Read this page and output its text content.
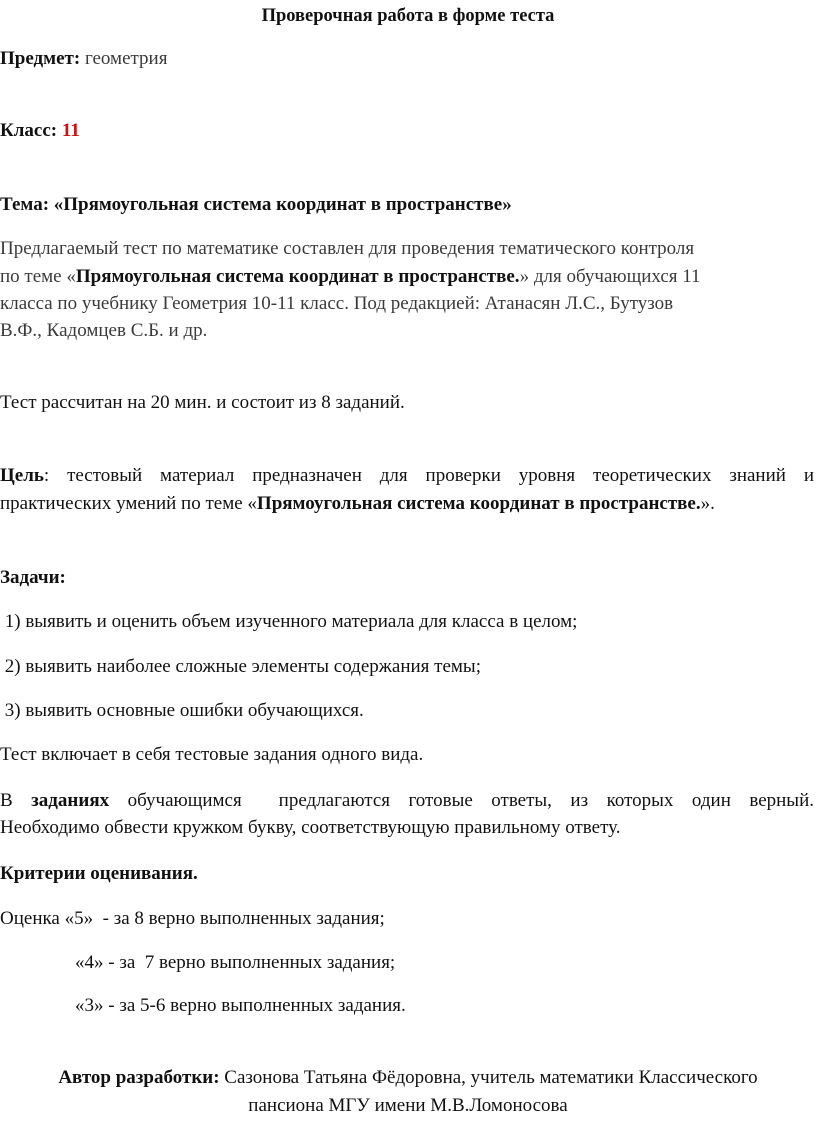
Проверочная работа в форме теста
Предмет: геометрия
Класс: 11
Тема: «Прямоугольная система координат в пространстве»
Предлагаемый тест по математике составлен для проведения тематического контроля
по теме «Прямоугольная система координат в пространстве.» для обучающихся 11
класса по учебнику Геометрия 10-11 класс. Под редакцией: Атанасян Л.С., Бутузов
В.Ф., Кадомцев С.Б. и др.
Тест рассчитан на 20 мин. и состоит из 8 заданий.
Цель: тестовый материал предназначен для проверки уровня теоретических знаний и
практических умений по теме «Прямоугольная система координат в пространстве.».
Задачи:
1) выявить и оценить объем изученного материала для класса в целом;
2) выявить наиболее сложные элементы содержания темы;
3) выявить основные ошибки обучающихся.
Тест включает в себя тестовые задания одного вида.
В заданиях обучающимся  предлагаются готовые ответы, из которых один верный.
Необходимо обвести кружком букву, соответствующую правильному ответу.
Критерии оценивания.
Оценка «5»  - за 8 верно выполненных задания;
«4» - за  7 верно выполненных задания;
«3» - за 5-6 верно выполненных задания.
Автор разработки: Сазонова Татьяна Фёдоровна, учитель математики Классического
пансиона МГУ имени М.В.Ломоносова
